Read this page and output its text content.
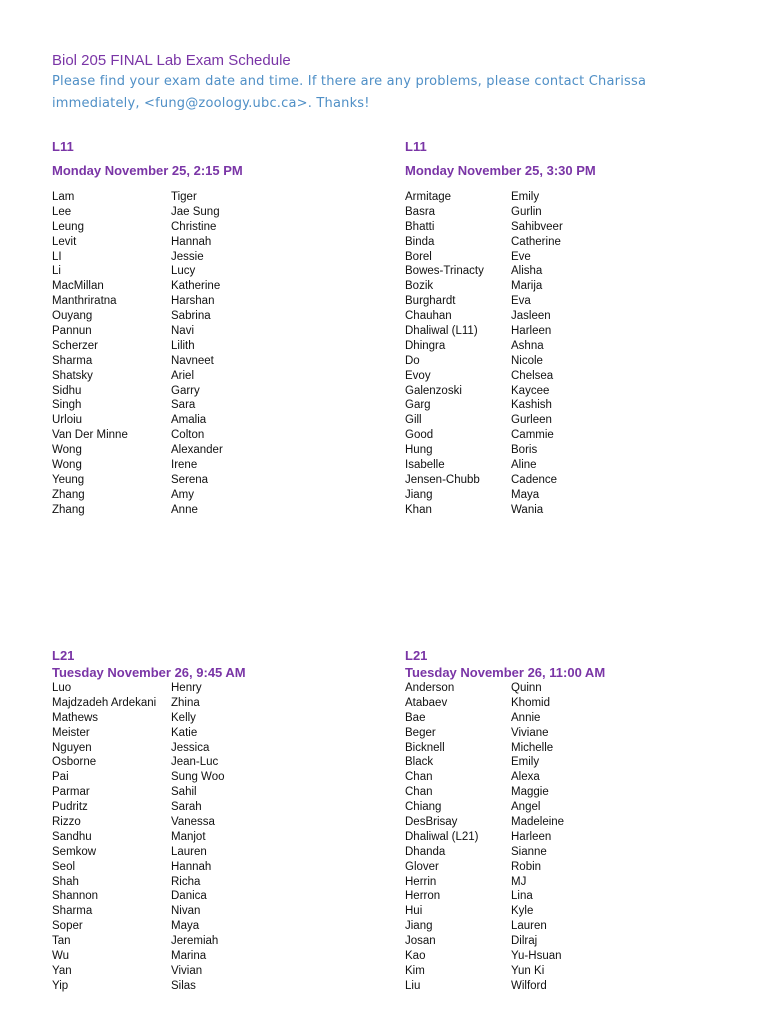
Biol 205 FINAL Lab Exam Schedule
Please find your exam date and time. If there are any problems, please contact Charissa immediately, <fung@zoology.ubc.ca>. Thanks!
L11
Monday November 25, 2:15 PM
Lam	Tiger
Lee	Jae Sung
Leung	Christine
Levit	Hannah
LI	Jessie
Li	Lucy
MacMillan	Katherine
Manthriratna	Harshan
Ouyang	Sabrina
Pannun	Navi
Scherzer	Lilith
Sharma	Navneet
Shatsky	Ariel
Sidhu	Garry
Singh	Sara
Urloiu	Amalia
Van Der Minne	Colton
Wong	Alexander
Wong	Irene
Yeung	Serena
Zhang	Amy
Zhang	Anne
L11
Monday November 25, 3:30 PM
Armitage	Emily
Basra	Gurlin
Bhatti	Sahibveer
Binda	Catherine
Borel	Eve
Bowes-Trinacty	Alisha
Bozik	Marija
Burghardt	Eva
Chauhan	Jasleen
Dhaliwal (L11)	Harleen
Dhingra	Ashna
Do	Nicole
Evoy	Chelsea
Galenzoski	Kaycee
Garg	Kashish
Gill	Gurleen
Good	Cammie
Hung	Boris
Isabelle	Aline
Jensen-Chubb	Cadence
Jiang	Maya
Khan	Wania
L21
Tuesday November 26, 9:45 AM
Luo	Henry
Majdzadeh Ardekani	Zhina
Mathews	Kelly
Meister	Katie
Nguyen	Jessica
Osborne	Jean-Luc
Pai	Sung Woo
Parmar	Sahil
Pudritz	Sarah
Rizzo	Vanessa
Sandhu	Manjot
Semkow	Lauren
Seol	Hannah
Shah	Richa
Shannon	Danica
Sharma	Nivan
Soper	Maya
Tan	Jeremiah
Wu	Marina
Yan	Vivian
Yip	Silas
L21
Tuesday November 26, 11:00 AM
Anderson	Quinn
Atabaev	Khomid
Bae	Annie
Beger	Viviane
Bicknell	Michelle
Black	Emily
Chan	Alexa
Chan	Maggie
Chiang	Angel
DesBrisay	Madeleine
Dhaliwal (L21)	Harleen
Dhanda	Sianne
Glover	Robin
Herrin	MJ
Herron	Lina
Hui	Kyle
Jiang	Lauren
Josan	Dilraj
Kao	Yu-Hsuan
Kim	Yun Ki
Liu	Wilford
